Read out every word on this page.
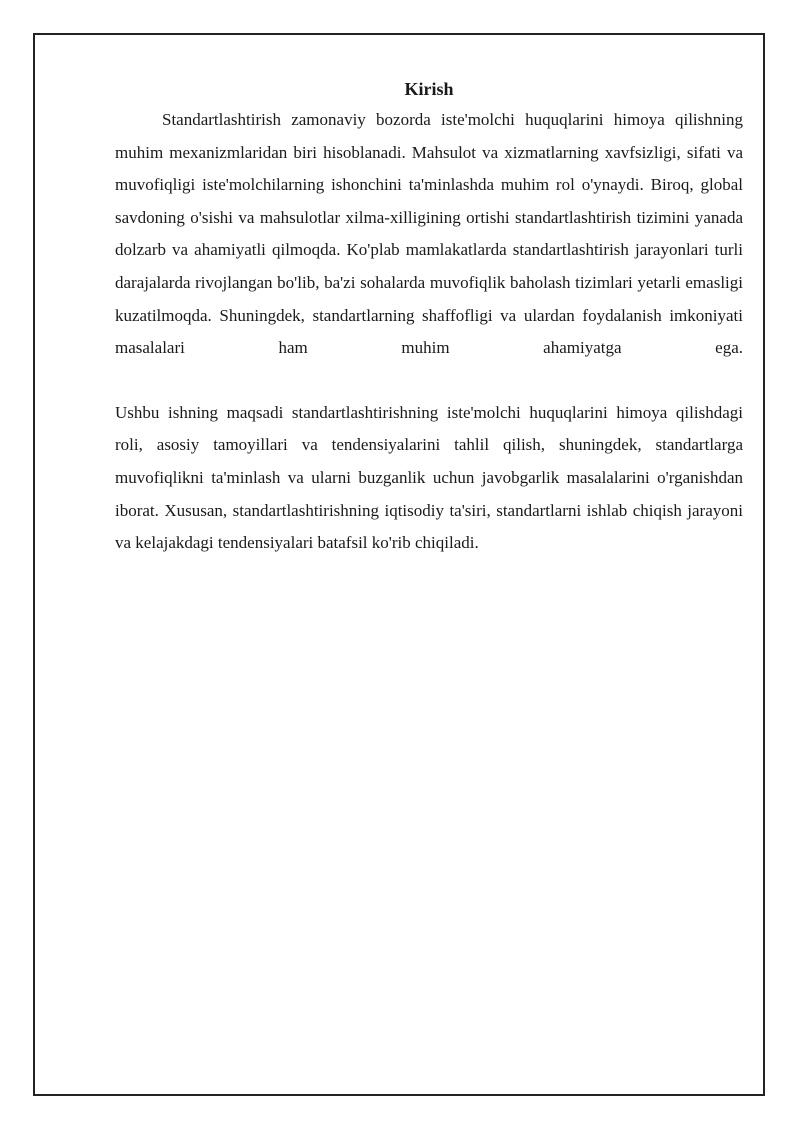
Kirish

Standartlashtirish zamonaviy bozorda iste'molchi huquqlarini himoya qilishning muhim mexanizmlaridan biri hisoblanadi. Mahsulot va xizmatlarning xavfsizligi, sifati va muvofiqligi iste'molchilarning ishonchini ta'minlashda muhim rol o'ynaydi. Biroq, global savdoning o'sishi va mahsulotlar xilma-xilligining ortishi standartlashtirish tizimini yanada dolzarb va ahamiyatli qilmoqda. Ko'plab mamlakatlarda standartlashtirish jarayonlari turli darajalarda rivojlangan bo'lib, ba'zi sohalarda muvofiqlik baholash tizimlari yetarli emasligi kuzatilmoqda. Shuningdek, standartlarning shaffofligi va ulardan foydalanish imkoniyati masalalari ham muhim ahamiyatga ega.

Ushbu ishning maqsadi standartlashtirishning iste'molchi huquqlarini himoya qilishdagi roli, asosiy tamoyillari va tendensiyalarini tahlil qilish, shuningdek, standartlarga muvofiqlikni ta'minlash va ularni buzganlik uchun javobgarlik masalalarini o'rganishdan iborat. Xususan, standartlashtirishning iqtisodiy ta'siri, standartlarni ishlab chiqish jarayoni va kelajakdagi tendensiyalari batafsil ko'rib chiqiladi.
